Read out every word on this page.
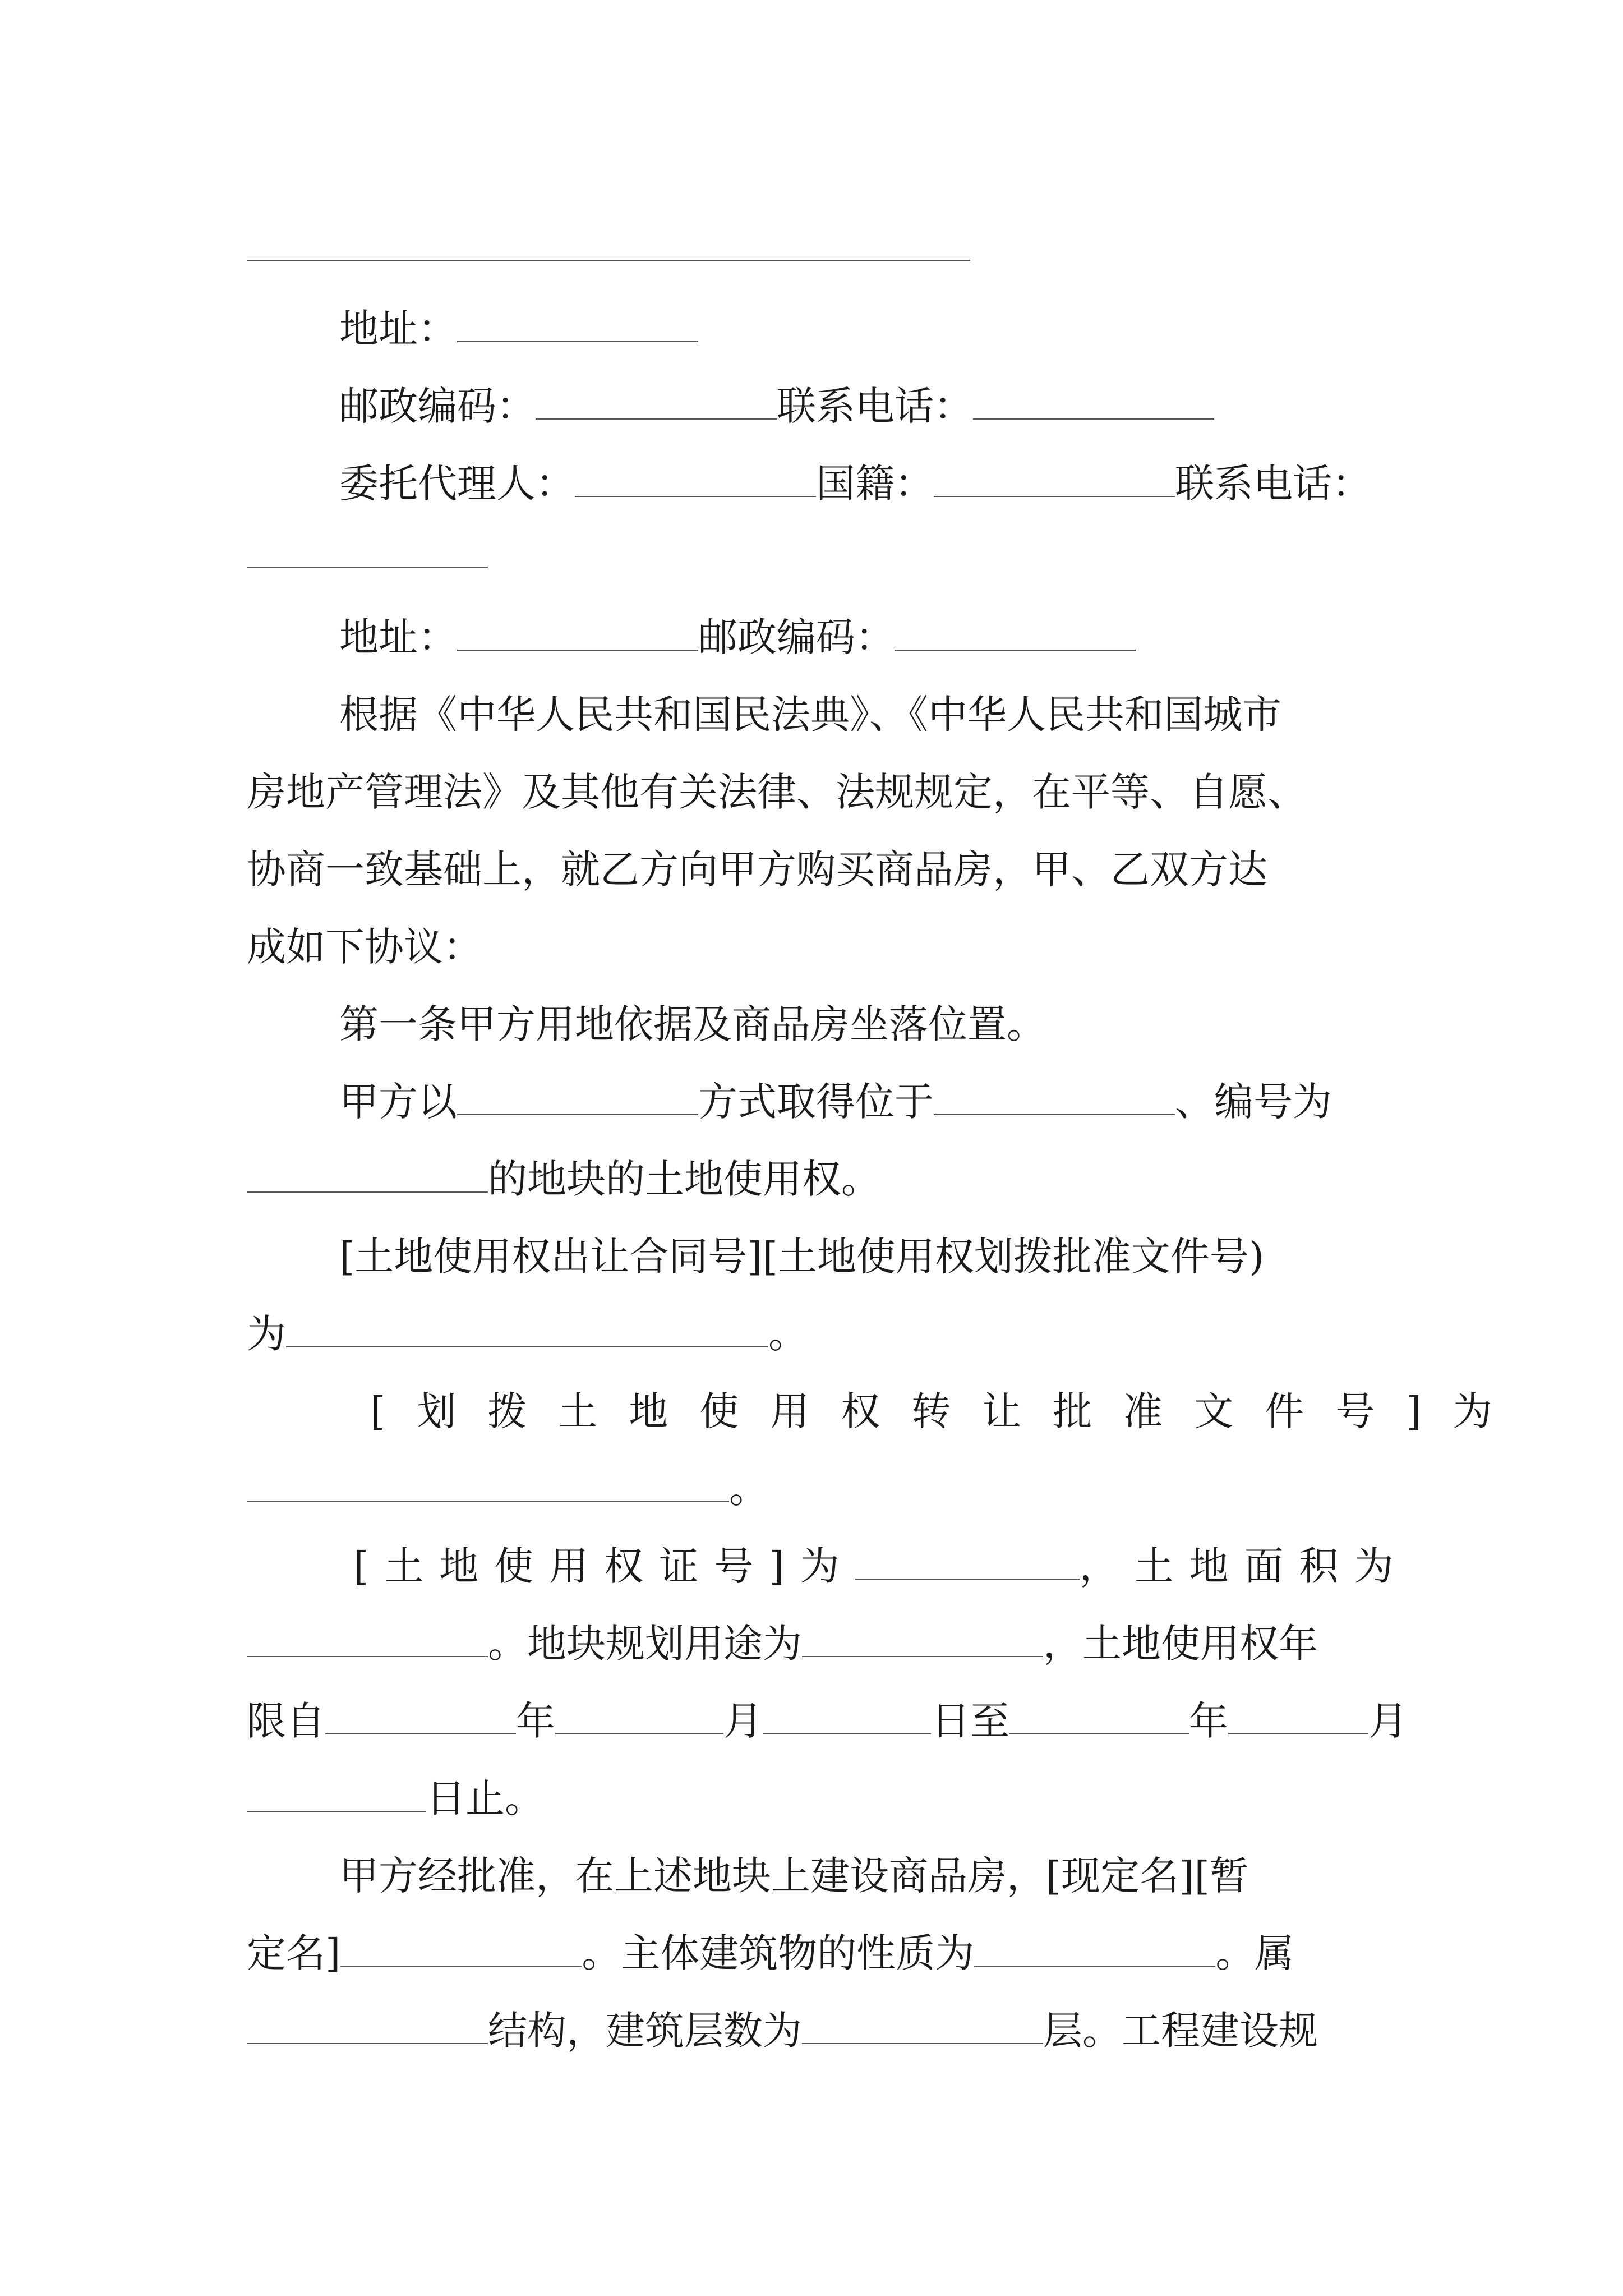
地址：
邮政编码：	联系电话：
委托代理人：	国籍：	联系电话：
地址：	邮政编码：
根据《中华人民共和国民法典》、《中华人民共和国城市
房地产管理法》及其他有关法律、法规规定，在平等、自愿、
协商一致基础上，就乙方向甲方购买商品房，甲、乙双方达
成如下协议：
第一条甲方用地依据及商品房坐落位置。
甲方以	方式取得位于	、编号为
的地块的土地使用权。
[土地使用权出让合同号][土地使用权划拨批准文件号)
为	。
[划拨土地使用权转让批准文件号]为
。
[土地使用权证号]为	，土地面积为
。地块规划用途为	，土地使用权年
限自	年	月	日至	年	月
日止。
甲方经批准，在上述地块上建设商品房，[现定名][暂
定名]	。主体建筑物的性质为	。属
结构，建筑层数为	层。工程建设规
